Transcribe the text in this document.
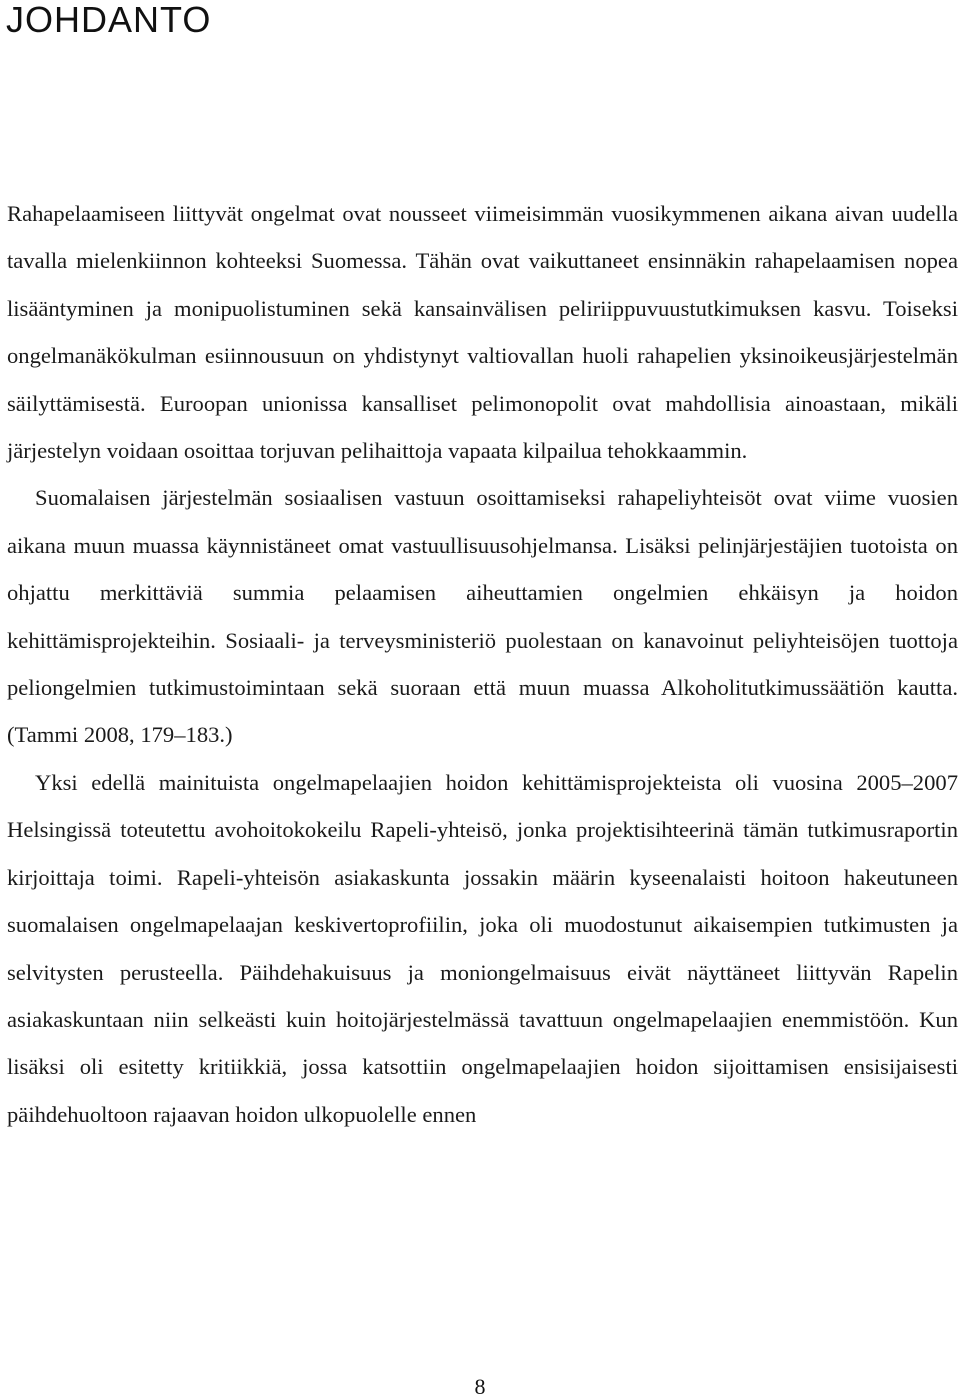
JOHDANTO

Rahapelaamiseen liittyvät ongelmat ovat nousseet viimeisimmän vuosikymmenen aikana aivan uudella tavalla mielenkiinnon kohteeksi Suomessa. Tähän ovat vaikuttaneet ensinnäkin rahapelaamisen nopea lisääntyminen ja monipuolistuminen sekä kansainvälisen peliriippuvuustutkimuksen kasvu. Toiseksi ongelmanäkökulman esiinnousuun on yhdistynyt valtiovallan huoli rahapelien yksinoikeusjärjestelmän säilyttämisestä. Euroopan unionissa kansalliset pelimonopolit ovat mahdollisia ainoastaan, mikäli järjestelyn voidaan osoittaa torjuvan pelihaittoja vapaata kilpailua tehokkaammin.

Suomalaisen järjestelmän sosiaalisen vastuun osoittamiseksi rahapeliyhteisöt ovat viime vuosien aikana muun muassa käynnistäneet omat vastuullisuusohjelmansa. Lisäksi pelinjärjestäjien tuotoista on ohjattu merkittäviä summia pelaamisen aiheuttamien ongelmien ehkäisyn ja hoidon kehittämisprojekteihin. Sosiaali- ja terveysministeriö puolestaan on kanavoinut peliyhteisöjen tuottoja peliongelmien tutkimustoimintaan sekä suoraan että muun muassa Alkoholitutkimussäätiön kautta. (Tammi 2008, 179–183.)

Yksi edellä mainituista ongelmapelaajien hoidon kehittämisprojekteista oli vuosina 2005–2007 Helsingissä toteutettu avohoitokokeilu Rapeli-yhteisö, jonka projektisihteerinä tämän tutkimusraportin kirjoittaja toimi. Rapeli-yhteisön asiakaskunta jossakin määrin kyseenalaisti hoitoon hakeutuneen suomalaisen ongelmapelaajan keskivertoprofiilin, joka oli muodostunut aikaisempien tutkimusten ja selvitysten perusteella. Päihdehakuisuus ja moniongelmaisuus eivät näyttäneet liittyvän Rapelin asiakaskuntaan niin selkeästi kuin hoitojärjestelmässä tavattuun ongelmapelaajien enemmistöön. Kun lisäksi oli esitetty kritiikkiä, jossa katsottiin ongelmapelaajien hoidon sijoittamisen ensisijaisesti päihdehuoltoon rajaavan hoidon ulkopuolelle ennen

8
